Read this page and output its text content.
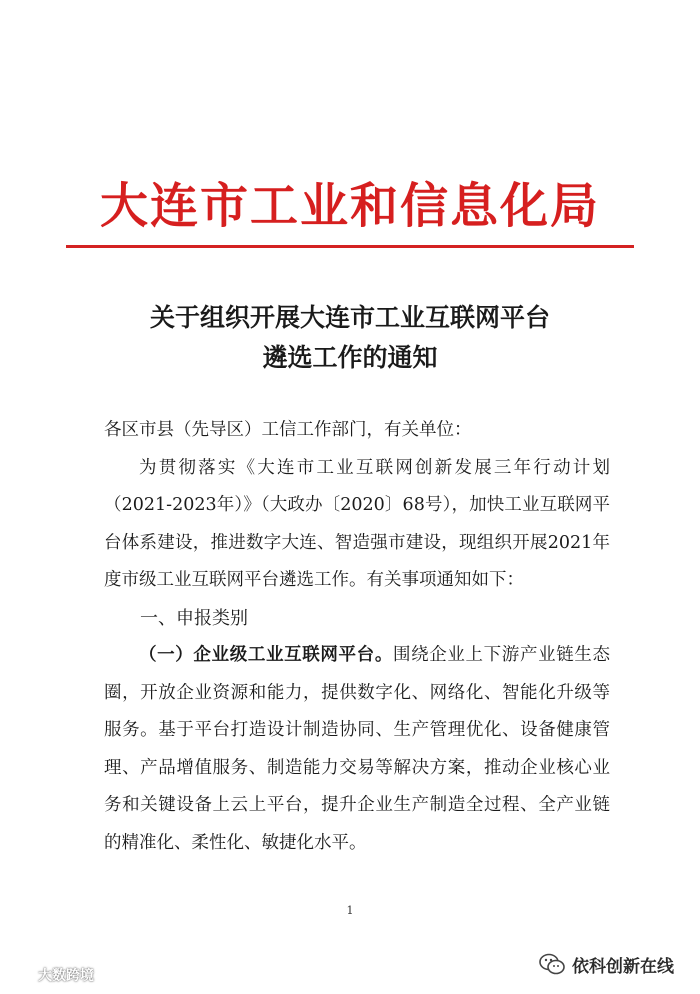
大连市工业和信息化局
关于组织开展大连市工业互联网平台
遴选工作的通知

各区市县（先导区）工信工作部门，有关单位：

为贯彻落实《大连市工业互联网创新发展三年行动计划（2021-2023年）》（大政办〔2020〕68号），加快工业互联网平台体系建设，推进数字大连、智造强市建设，现组织开展2021年度市级工业互联网平台遴选工作。有关事项通知如下：

一、申报类别

（一）企业级工业互联网平台。围绕企业上下游产业链生态圈，开放企业资源和能力，提供数字化、网络化、智能化升级等服务。基于平台打造设计制造协同、生产管理优化、设备健康管理、产品增值服务、制造能力交易等解决方案，推动企业核心业务和关键设备上云上平台，提升企业生产制造全过程、全产业链的精准化、柔性化、敏捷化水平。

1
大数跨境	依科创新在线
